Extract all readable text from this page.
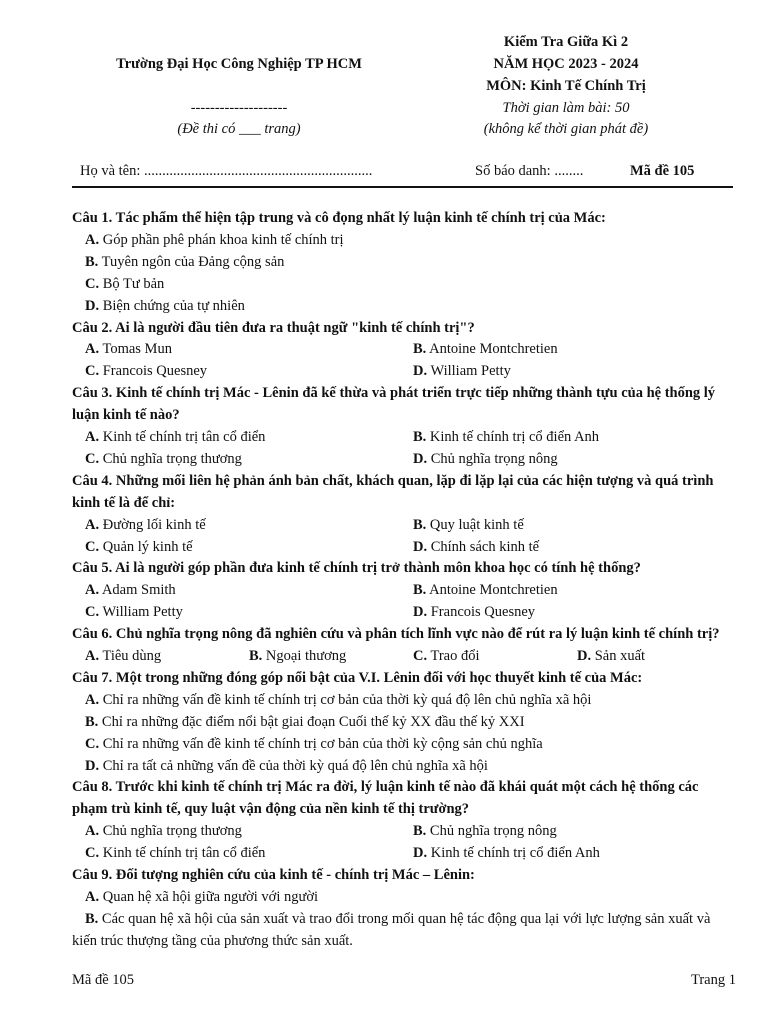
Trường Đại Học Công Nghiệp TP HCM
--------------------
(Đề thi có ___ trang)
Kiểm Tra Giữa Kì 2
NĂM HỌC 2023 - 2024
MÔN: Kinh Tế Chính Trị
Thời gian làm bài: 50
(không kể thời gian phát đề)
Họ và tên: ...............................................................	Số báo danh: ........	Mã đề 105

Câu 1. Tác phẩm thể hiện tập trung và cô đọng nhất lý luận kinh tế chính trị của Mác:

A. Góp phần phê phán khoa kinh tế chính trị
B. Tuyên ngôn của Đảng cộng sản
C. Bộ Tư bản
D. Biện chứng của tự nhiên

Câu 2. Ai là người đầu tiên đưa ra thuật ngữ "kinh tế chính trị"?

A. Tomas Mun	B. Antoine Montchretien
C. Francois Quesney	D. William Petty

Câu 3. Kinh tế chính trị Mác - Lênin đã kế thừa và phát triển trực tiếp những thành tựu của hệ thống lý luận kinh tế nào?

A. Kinh tế chính trị tân cổ điển	B. Kinh tế chính trị cổ điển Anh
C. Chủ nghĩa trọng thương	D. Chủ nghĩa trọng nông

Câu 4. Những mối liên hệ phản ánh bản chất, khách quan, lặp đi lặp lại của các hiện tượng và quá trình kinh tế là để chỉ:

A. Đường lối kinh tế	B. Quy luật kinh tế
C. Quản lý kinh tế	D. Chính sách kinh tế

Câu 5. Ai là người góp phần đưa kinh tế chính trị trở thành môn khoa học có tính hệ thống?

A. Adam Smith	B. Antoine Montchretien
C. William Petty	D. Francois Quesney

Câu 6. Chủ nghĩa trọng nông đã nghiên cứu và phân tích lĩnh vực nào để rút ra lý luận kinh tế chính trị?

A. Tiêu dùng	B. Ngoại thương	C. Trao đổi	D. Sản xuất

Câu 7. Một trong những đóng góp nổi bật của V.I. Lênin đối với học thuyết kinh tế của Mác:

A. Chỉ ra những vấn đề kinh tế chính trị cơ bản của thời kỳ quá độ lên chủ nghĩa xã hội
B. Chỉ ra những đặc điểm nổi bật giai đoạn Cuối thế kỷ XX đầu thế kỷ XXI
C. Chỉ ra những vấn đề kinh tế chính trị cơ bản của thời kỳ cộng sản chủ nghĩa
D. Chỉ ra tất cả những vấn đề của thời kỳ quá độ lên chủ nghĩa xã hội

Câu 8. Trước khi kinh tế chính trị Mác ra đời, lý luận kinh tế nào đã khái quát một cách hệ thống các phạm trù kinh tế, quy luật vận động của nền kinh tế thị trường?

A. Chủ nghĩa trọng thương	B. Chủ nghĩa trọng nông
C. Kinh tế chính trị tân cổ điển	D. Kinh tế chính trị cổ điển Anh

Câu 9. Đối tượng nghiên cứu của kinh tế - chính trị Mác – Lênin:

A. Quan hệ xã hội giữa người với người

B. Các quan hệ xã hội của sản xuất và trao đổi trong mối quan hệ tác động qua lại với lực lượng sản xuất và kiến trúc thượng tầng của phương thức sản xuất.

Mã đề 105	Trang 1
